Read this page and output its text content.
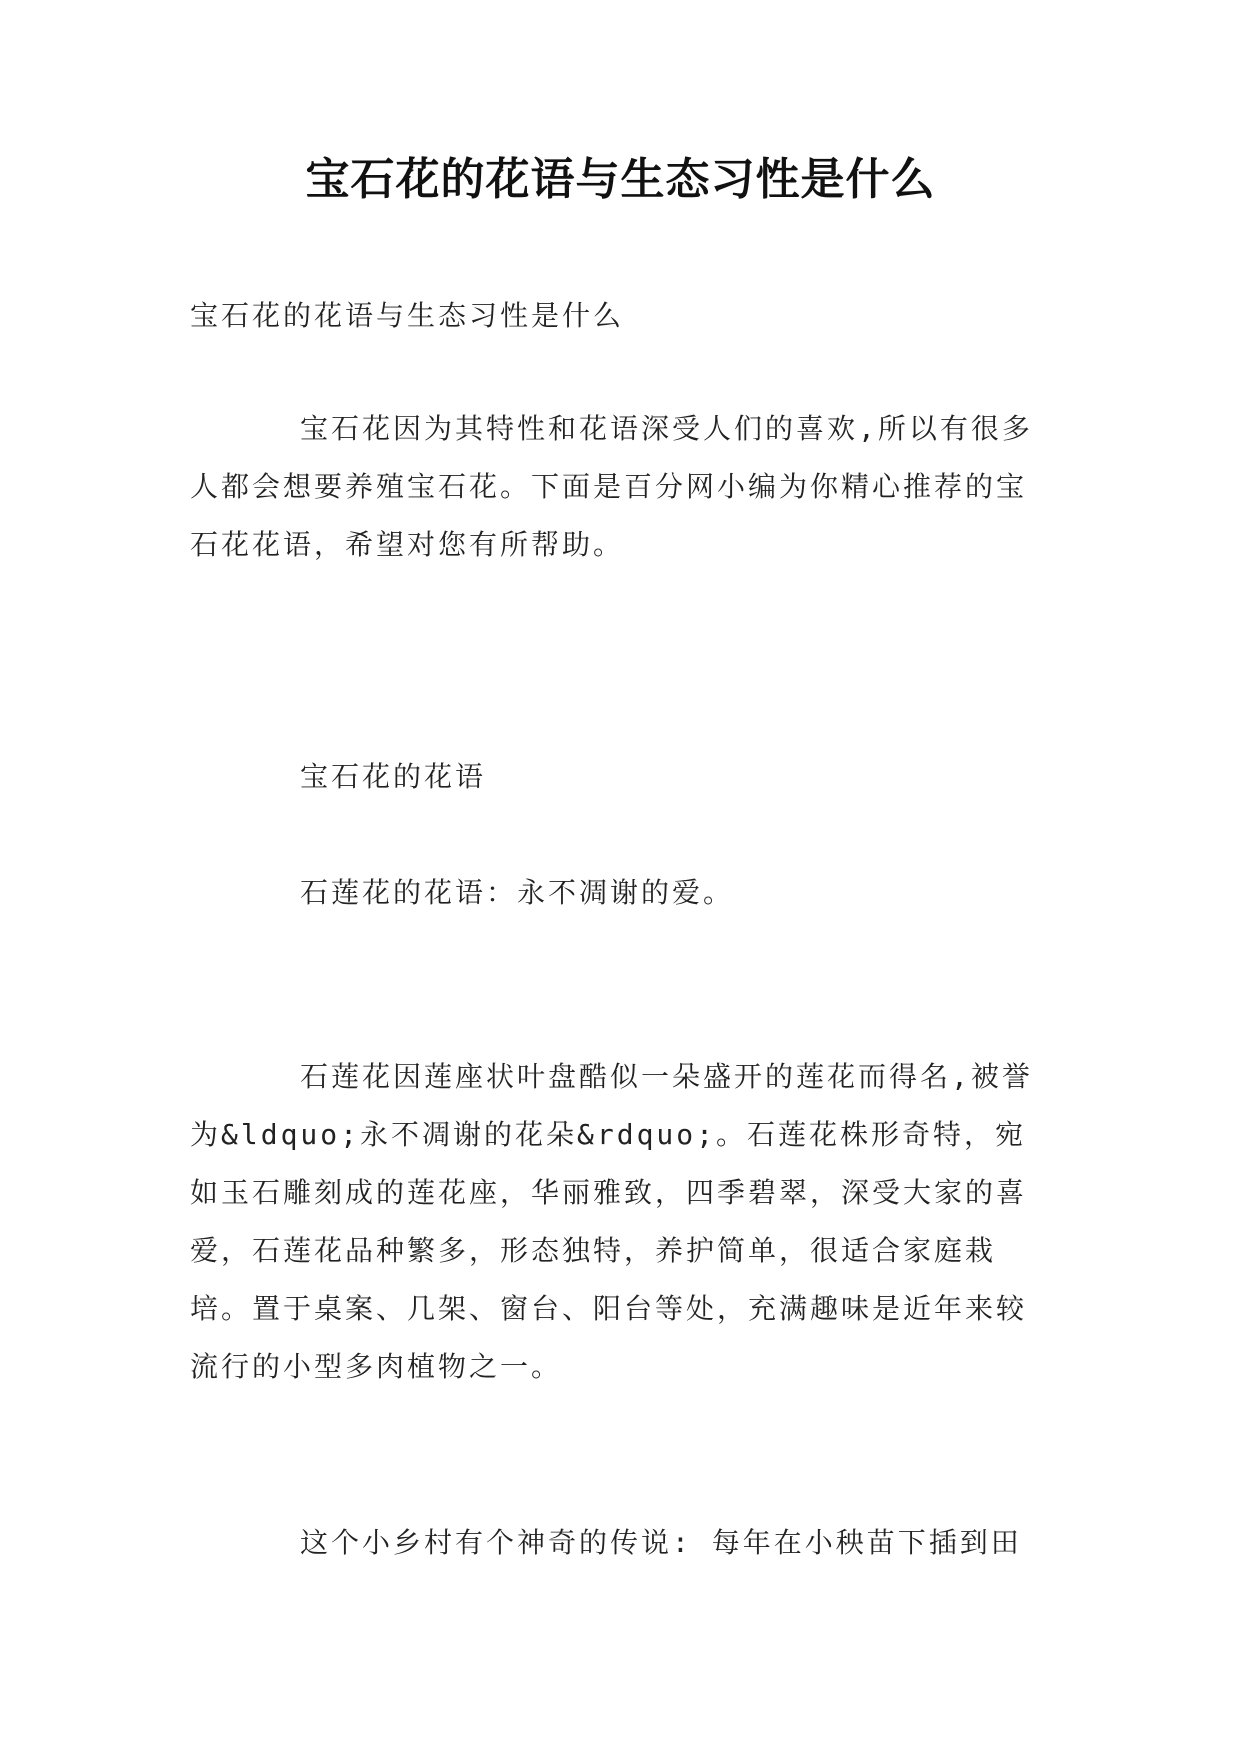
宝石花的花语与生态习性是什么

宝石花的花语与生态习性是什么

宝石花因为其特性和花语深受人们的喜欢,所以有很多人都会想要养殖宝石花。下面是百分网小编为你精心推荐的宝石花花语，希望对您有所帮助。

宝石花的花语

石莲花的花语：永不凋谢的爱。

石莲花因莲座状叶盘酷似一朵盛开的莲花而得名,被誉为&ldquo;永不凋谢的花朵&rdquo;。石莲花株形奇特，宛如玉石雕刻成的莲花座，华丽雅致，四季碧翠，深受大家的喜爱，石莲花品种繁多，形态独特，养护简单，很适合家庭栽培。置于桌案、几架、窗台、阳台等处，充满趣味是近年来较流行的小型多肉植物之一。

这个小乡村有个神奇的传说: 每年在小秧苗下插到田
